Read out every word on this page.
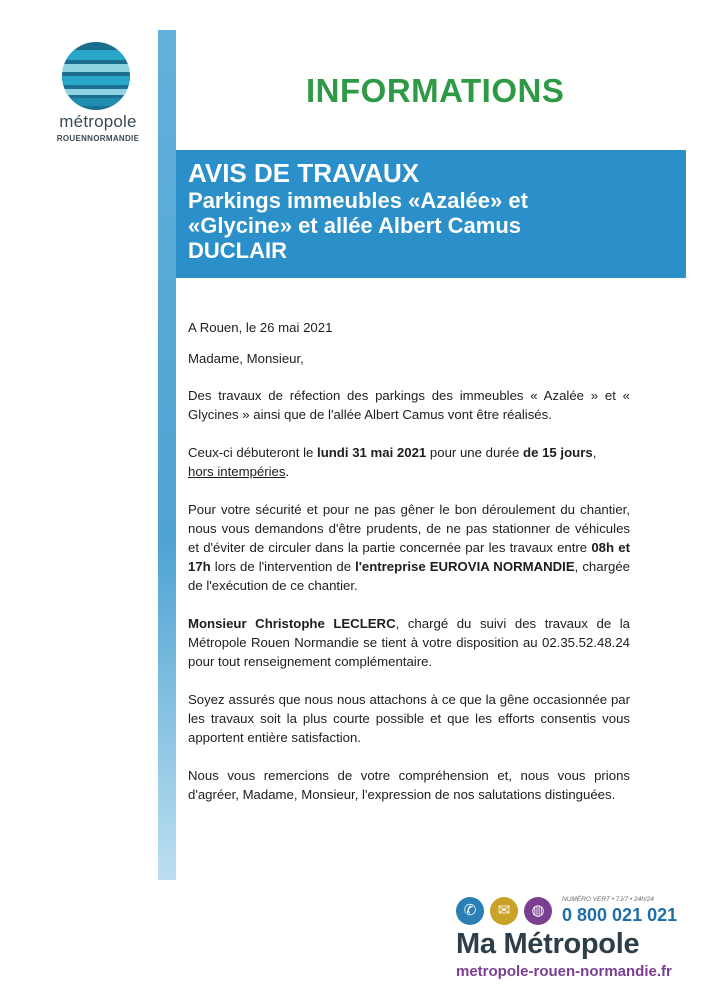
métropole
ROUENNORMANDIE
INFORMATIONS
AVIS DE TRAVAUX
Parkings immeubles «Azalée» et
«Glycine» et allée Albert Camus
DUCLAIR

A Rouen, le 26 mai 2021

Madame, Monsieur,

Des travaux de réfection des parkings des immeubles « Azalée » et « Glycines » ainsi que de l'allée Albert Camus vont être réalisés.

Ceux-ci débuteront le lundi 31 mai 2021 pour une durée de 15 jours,
hors intempéries.

Pour votre sécurité et pour ne pas gêner le bon déroulement du chantier, nous vous demandons d'être prudents, de ne pas stationner de véhicules et d'éviter de circuler dans la partie concernée par les travaux entre 08h et 17h lors de l'intervention de l'entreprise EUROVIA NORMANDIE, chargée de l'exécution de ce chantier.

Monsieur Christophe LECLERC, chargé du suivi des travaux de la Métropole Rouen Normandie se tient à votre disposition au 02.35.52.48.24 pour tout renseignement complémentaire.

Soyez assurés que nous nous attachons à ce que la gêne occasionnée par les travaux soit la plus courte possible et que les efforts consentis vous apportent entière satisfaction.

Nous vous remercions de votre compréhension et, nous vous prions d'agréer, Madame, Monsieur, l'expression de nos salutations distinguées.

✆	✉	◍
NUMÉRO VERT • 7J/7 • 24h/24
0 800 021 021
Ma Métropole
metropole-rouen-normandie.fr
